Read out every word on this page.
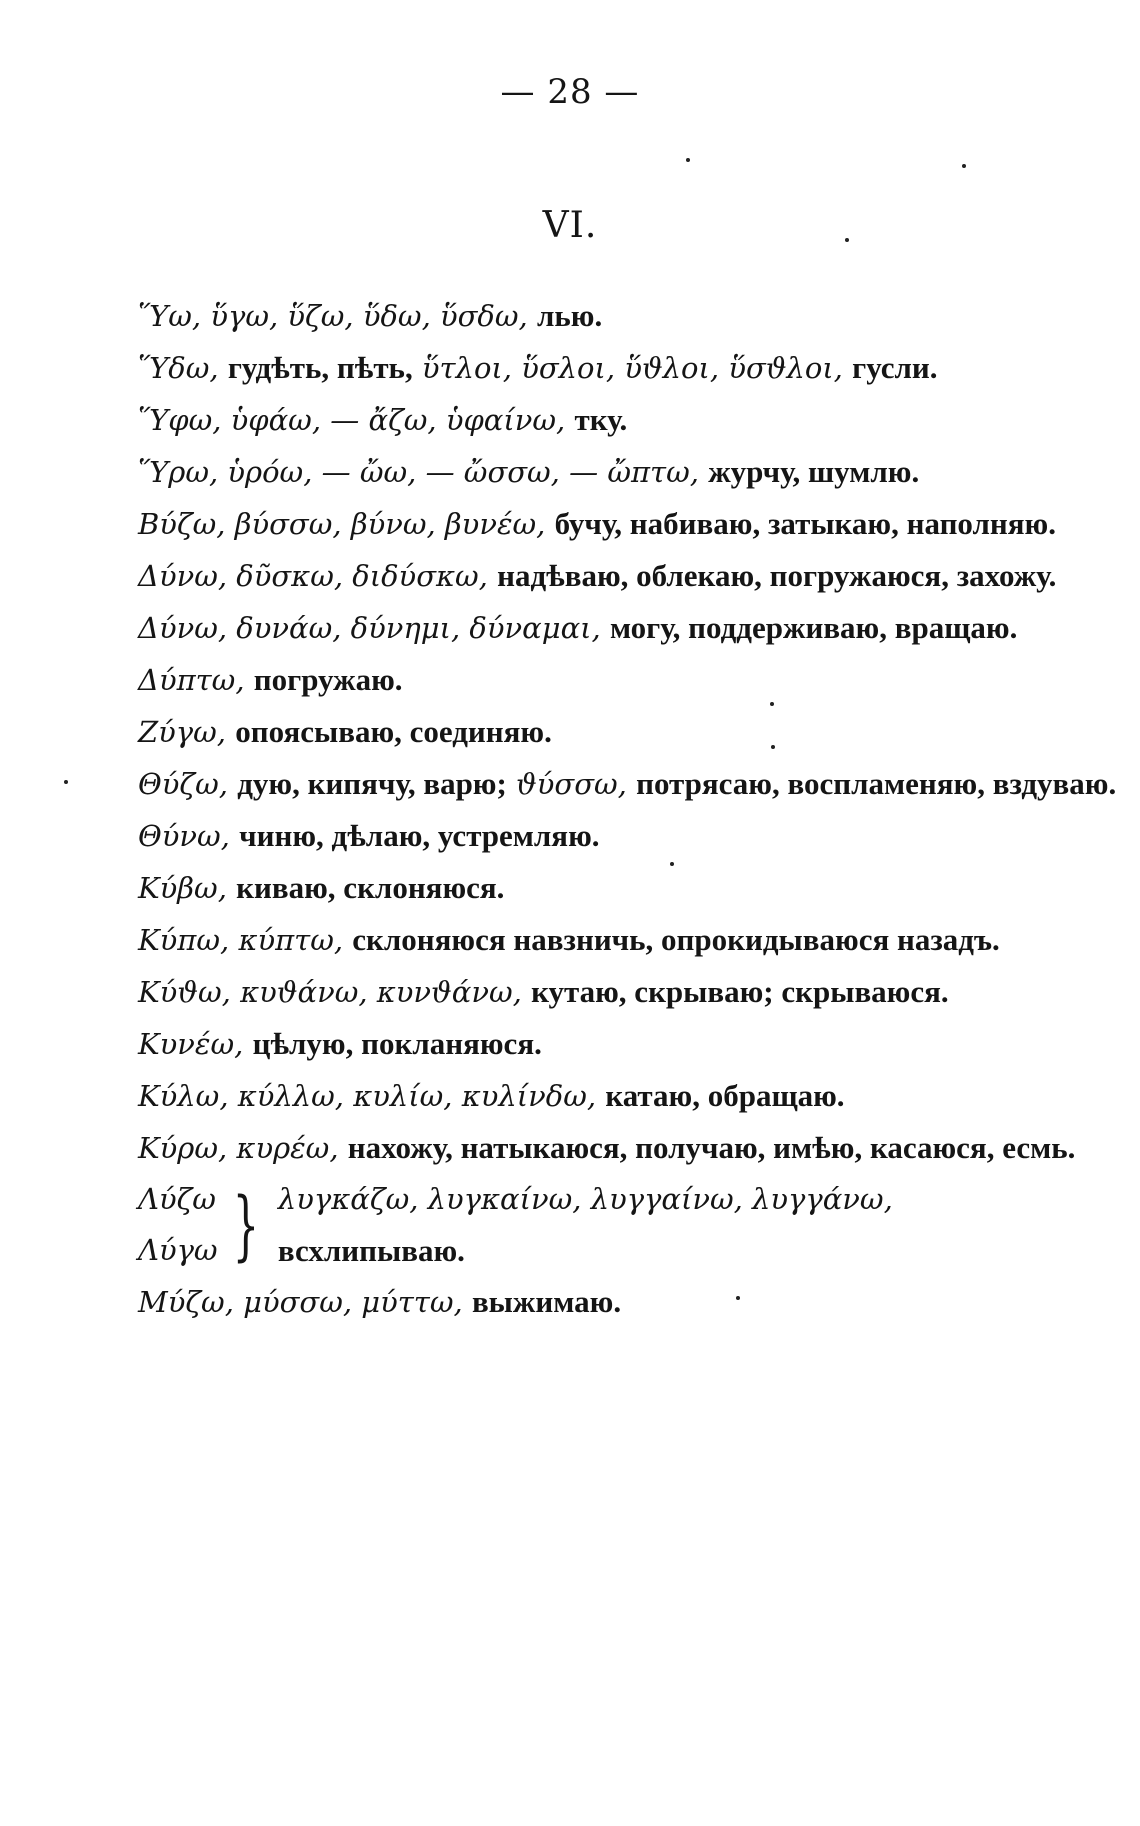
— 28 —
VI.

Ὕω, ὕγω, ὕζω, ὕδω, ὕσδω, лью.

Ὕδω, гудѣть, пѣть, ὕτλοι, ὕσλοι, ὕϑλοι, ὕσϑλοι, гусли.

Ὕφω, ὑφάω, — ἄζω, ὑφαίνω, тку.

Ὕρω, ὑρόω, — ὤω, — ὤσσω, — ὤπτω, журчу, шумлю.

Βύζω, βύσσω, βύνω, βυνέω, бучу, набиваю, затыкаю, наполняю.

Δύνω, δῦσκω, διδύσκω, надѣваю, облекаю, погружаюся, захожу.

Δύνω, δυνάω, δύνημι, δύναμαι, могу, поддерживаю, вращаю.

Δύπτω, погружаю.

Ζύγω, опоясываю, соединяю.

Θύζω, дую, кипячу, варю; ϑύσσω, потрясаю, воспламеняю, вздуваю.

Θύνω, чиню, дѣлаю, устремляю.

Κύβω, киваю, склоняюся.

Κύπω, κύπτω, склоняюся навзничь, опрокидываюся назадъ.

Κύϑω, κυϑάνω, κυνϑάνω, кутаю, скрываю; скрываюся.

Κυνέω, цѣлую, покланяюся.

Κύλω, κύλλω, κυλίω, κυλίνδω, катаю, обращаю.

Κύρω, κυρέω, нахожу, натыкаюся, получаю, имѣю, касаюся, есмь.

Λύζω
Λύγω } λυγκάζω, λυγκαίνω, λυγγαίνω, λυγγάνω,
всхлипываю.

Μύζω, μύσσω, μύττω, выжимаю.
